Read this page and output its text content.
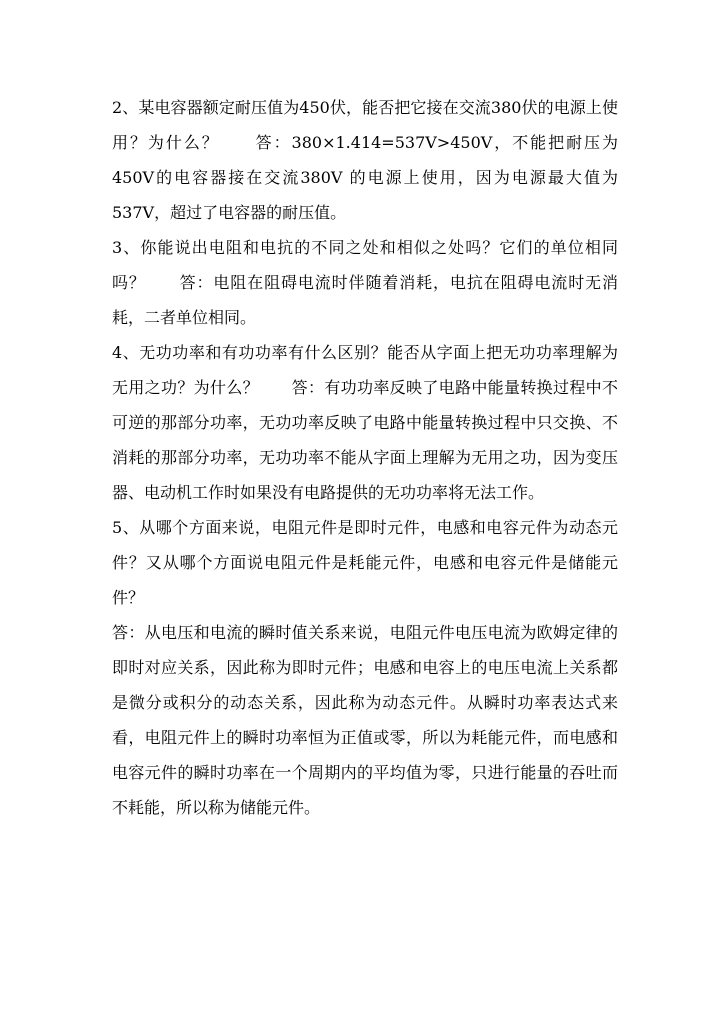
2、某电容器额定耐压值为450伏，能否把它接在交流380伏的电源上使用？为什么？　　答：380×1.414=537V>450V，不能把耐压为450V的电容器接在交流380V 的电源上使用，因为电源最大值为537V，超过了电容器的耐压值。

3、你能说出电阻和电抗的不同之处和相似之处吗？它们的单位相同吗？　　答：电阻在阻碍电流时伴随着消耗，电抗在阻碍电流时无消耗，二者单位相同。

4、无功功率和有功功率有什么区别？能否从字面上把无功功率理解为无用之功？为什么？　　答：有功功率反映了电路中能量转换过程中不可逆的那部分功率，无功功率反映了电路中能量转换过程中只交换、不消耗的那部分功率，无功功率不能从字面上理解为无用之功，因为变压器、电动机工作时如果没有电路提供的无功功率将无法工作。

5、从哪个方面来说，电阻元件是即时元件，电感和电容元件为动态元件？又从哪个方面说电阻元件是耗能元件，电感和电容元件是储能元件？

答：从电压和电流的瞬时值关系来说，电阻元件电压电流为欧姆定律的即时对应关系，因此称为即时元件；电感和电容上的电压电流上关系都是微分或积分的动态关系，因此称为动态元件。从瞬时功率表达式来看，电阻元件上的瞬时功率恒为正值或零，所以为耗能元件，而电感和电容元件的瞬时功率在一个周期内的平均值为零，只进行能量的吞吐而不耗能，所以称为储能元件。
